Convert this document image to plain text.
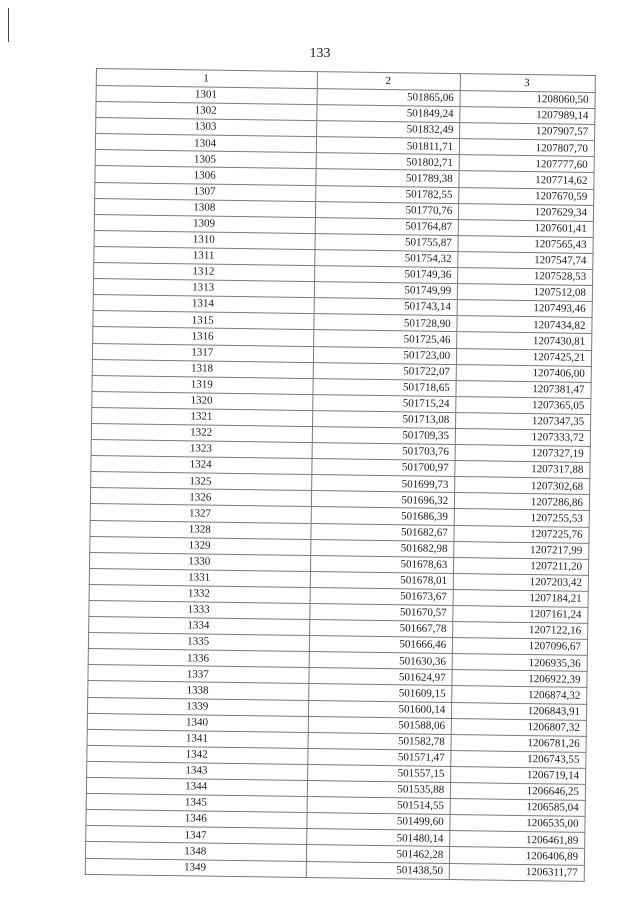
133
1	2	3
1301	501865,06	1208060,50
1302	501849,24	1207989,14
1303	501832,49	1207907,57
1304	501811,71	1207807,70
1305	501802,71	1207777,60
1306	501789,38	1207714,62
1307	501782,55	1207670,59
1308	501770,76	1207629,34
1309	501764,87	1207601,41
1310	501755,87	1207565,43
1311	501754,32	1207547,74
1312	501749,36	1207528,53
1313	501749,99	1207512,08
1314	501743,14	1207493,46
1315	501728,90	1207434,82
1316	501725,46	1207430,81
1317	501723,00	1207425,21
1318	501722,07	1207406,00
1319	501718,65	1207381,47
1320	501715,24	1207365,05
1321	501713,08	1207347,35
1322	501709,35	1207333,72
1323	501703,76	1207327,19
1324	501700,97	1207317,88
1325	501699,73	1207302,68
1326	501696,32	1207286,86
1327	501686,39	1207255,53
1328	501682,67	1207225,76
1329	501682,98	1207217,99
1330	501678,63	1207211,20
1331	501678,01	1207203,42
1332	501673,67	1207184,21
1333	501670,57	1207161,24
1334	501667,78	1207122,16
1335	501666,46	1207096,67
1336	501630,36	1206935,36
1337	501624,97	1206922,39
1338	501609,15	1206874,32
1339	501600,14	1206843,91
1340	501588,06	1206807,32
1341	501582,78	1206781,26
1342	501571,47	1206743,55
1343	501557,15	1206719,14
1344	501535,88	1206646,25
1345	501514,55	1206585,04
1346	501499,60	1206535,00
1347	501480,14	1206461,89
1348	501462,28	1206406,89
1349	501438,50	1206311,77
